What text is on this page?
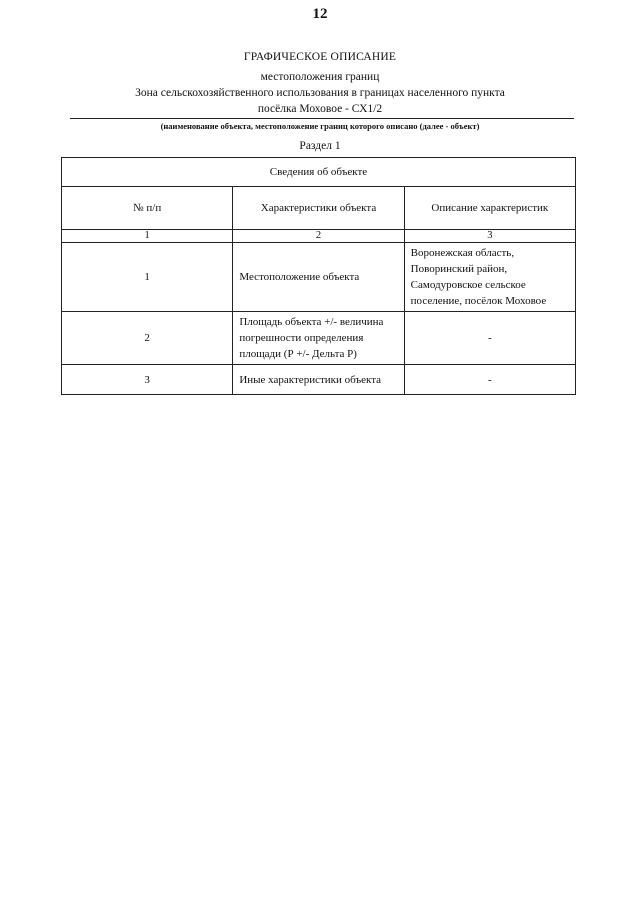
12
ГРАФИЧЕСКОЕ ОПИСАНИЕ
местоположения границ
Зона сельскохозяйственного использования в границах населенного пункта
посёлка Моховое - СХ1/2
(наименование объекта, местоположение границ которого описано (далее - объект)
Раздел 1
Сведения об объекте		
№ п/п	Характеристики объекта	Описание характеристик
1	2	3
1	Местоположение объекта	Воронежская область, Поворинский район, Самодуровское сельское поселение, посёлок Моховое
2	Площадь объекта +/- величина погрешности определения площади (Р +/- Дельта Р)	-
3	Иные характеристики объекта	-
